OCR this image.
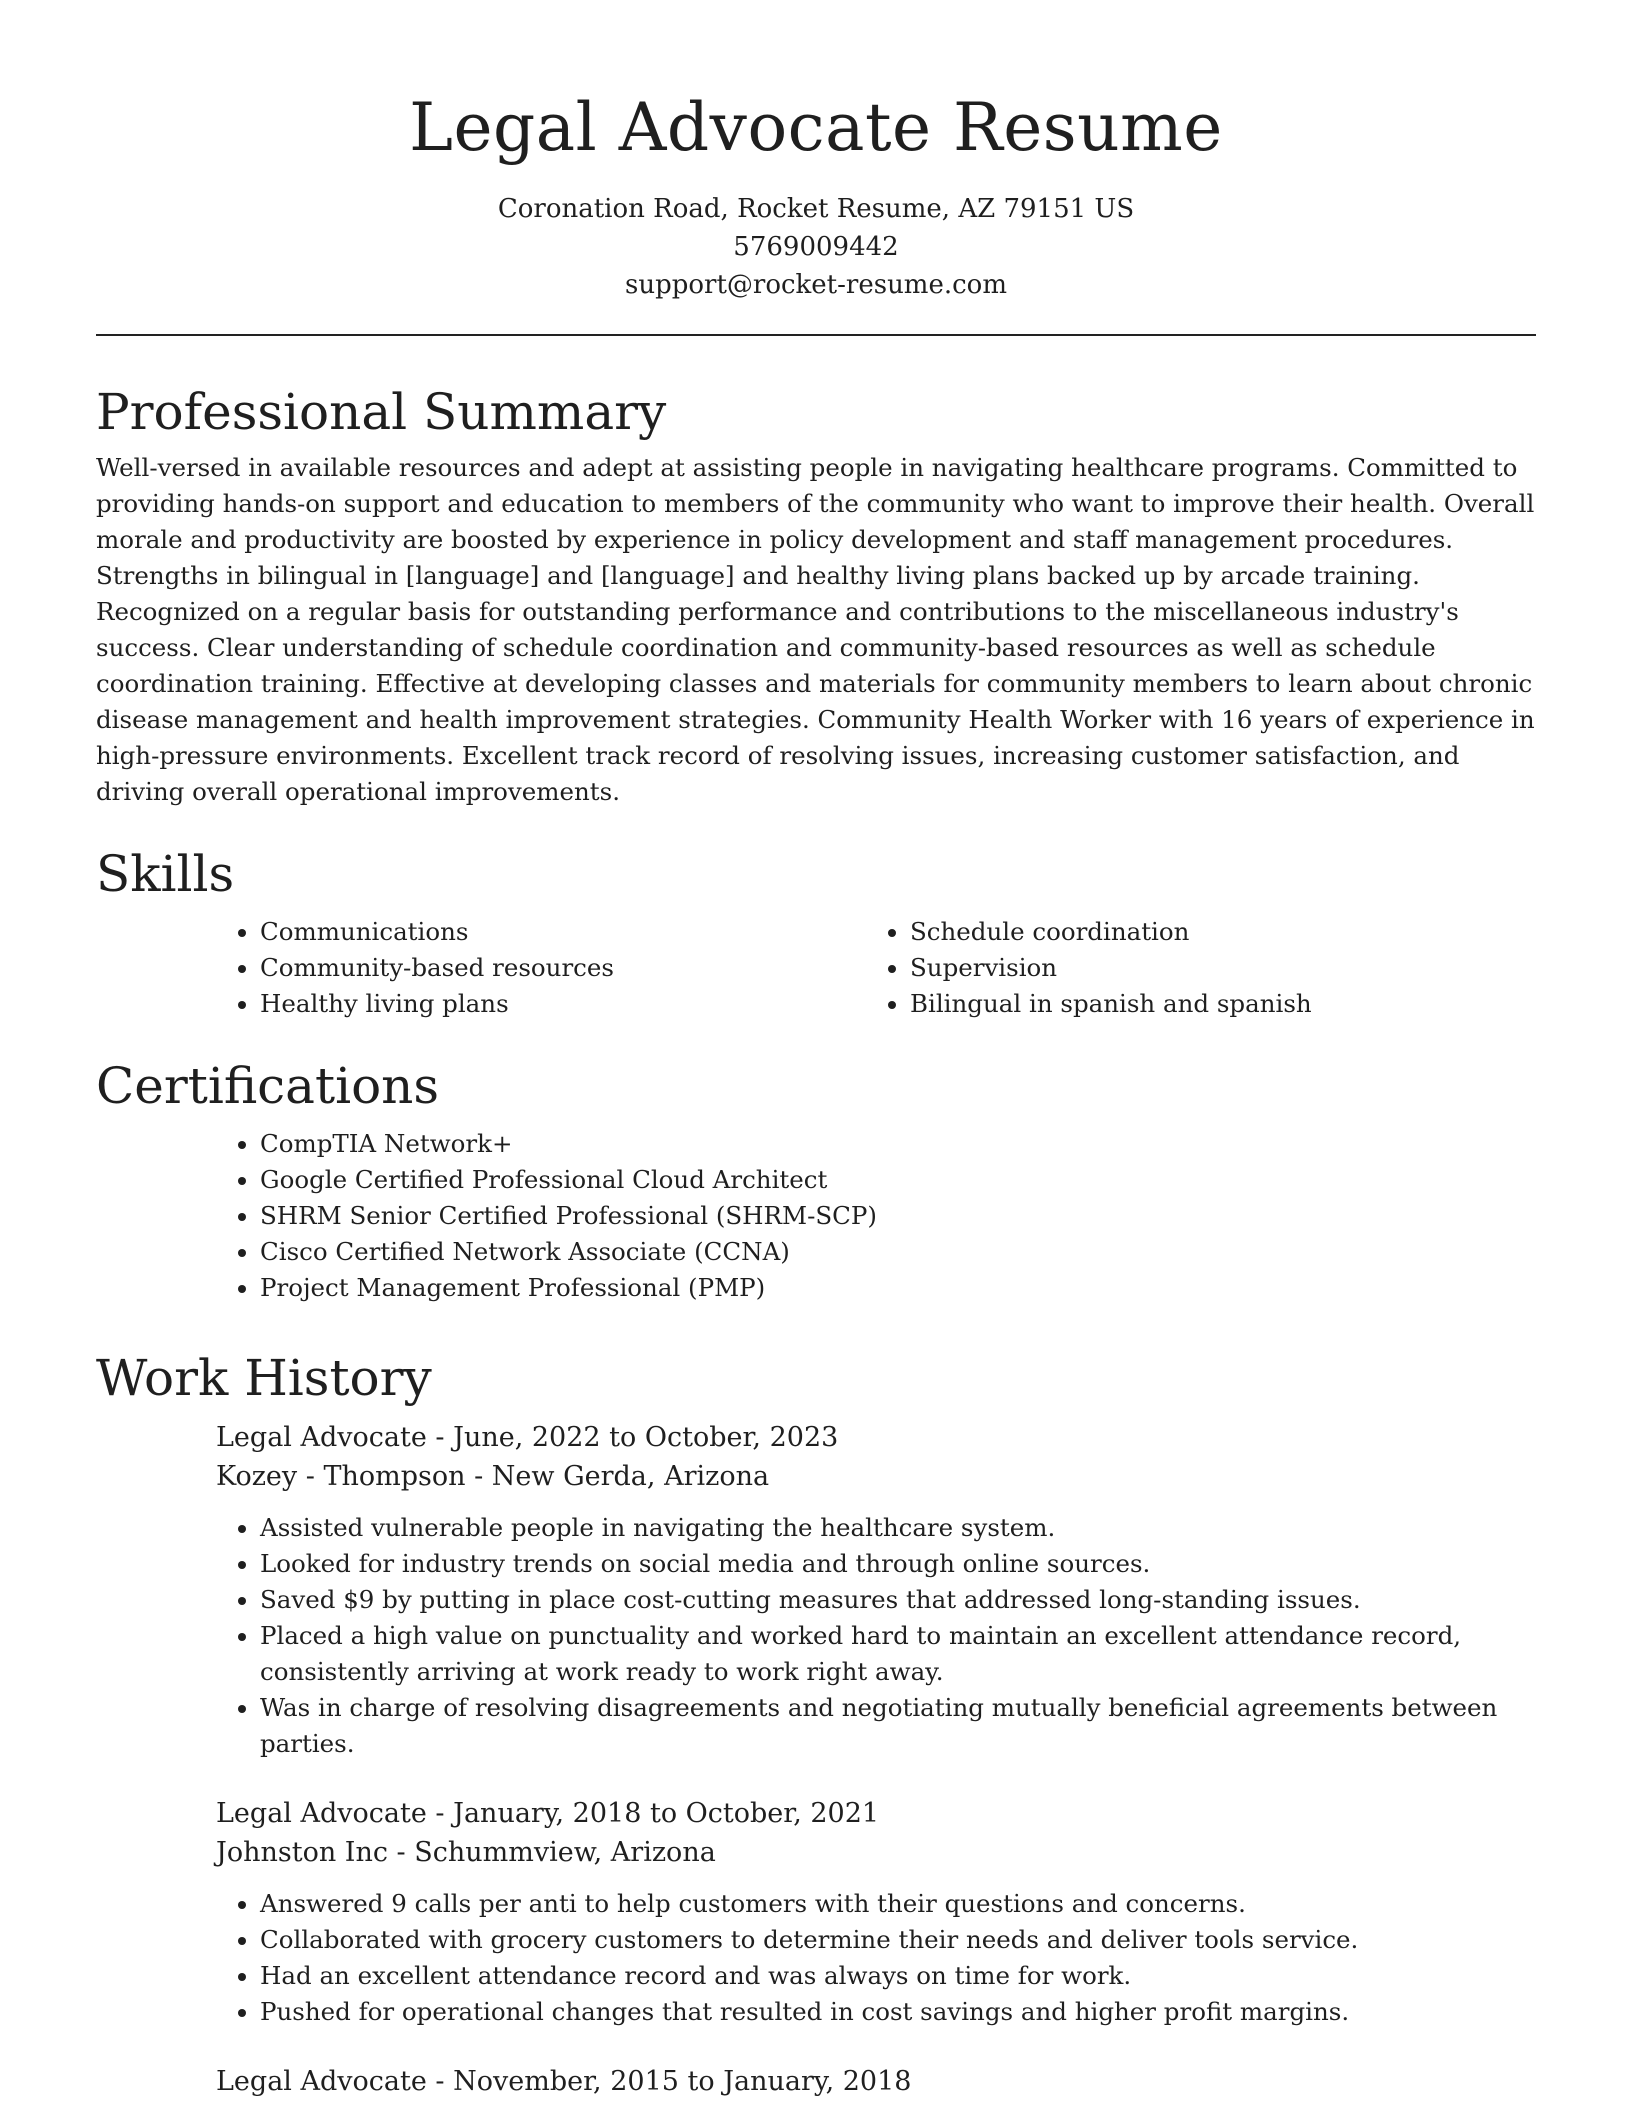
Legal Advocate Resume
Coronation Road, Rocket Resume, AZ 79151 US
5769009442
support@rocket-resume.com
Professional Summary

Well-versed in available resources and adept at assisting people in navigating healthcare programs. Committed to providing hands-on support and education to members of the community who want to improve their health. Overall morale and productivity are boosted by experience in policy development and staff management procedures. Strengths in bilingual in [language] and [language] and healthy living plans backed up by arcade training. Recognized on a regular basis for outstanding performance and contributions to the miscellaneous industry's success. Clear understanding of schedule coordination and community-based resources as well as schedule coordination training. Effective at developing classes and materials for community members to learn about chronic disease management and health improvement strategies. Community Health Worker with 16 years of experience in high-pressure environments. Excellent track record of resolving issues, increasing customer satisfaction, and driving overall operational improvements.

Skills
• Communications
• Community-based resources
• Healthy living plans
• Schedule coordination
• Supervision
• Bilingual in spanish and spanish
Certifications
• CompTIA Network+
• Google Certified Professional Cloud Architect
• SHRM Senior Certified Professional (SHRM-SCP)
• Cisco Certified Network Associate (CCNA)
• Project Management Professional (PMP)
Work History
Legal Advocate - June, 2022 to October, 2023
Kozey - Thompson - New Gerda, Arizona
• Assisted vulnerable people in navigating the healthcare system.
• Looked for industry trends on social media and through online sources.
• Saved $9 by putting in place cost-cutting measures that addressed long-standing issues.
• Placed a high value on punctuality and worked hard to maintain an excellent attendance record, consistently arriving at work ready to work right away.
• Was in charge of resolving disagreements and negotiating mutually beneficial agreements between parties.
Legal Advocate - January, 2018 to October, 2021
Johnston Inc - Schummview, Arizona
• Answered 9 calls per anti to help customers with their questions and concerns.
• Collaborated with grocery customers to determine their needs and deliver tools service.
• Had an excellent attendance record and was always on time for work.
• Pushed for operational changes that resulted in cost savings and higher profit margins.
Legal Advocate - November, 2015 to January, 2018
